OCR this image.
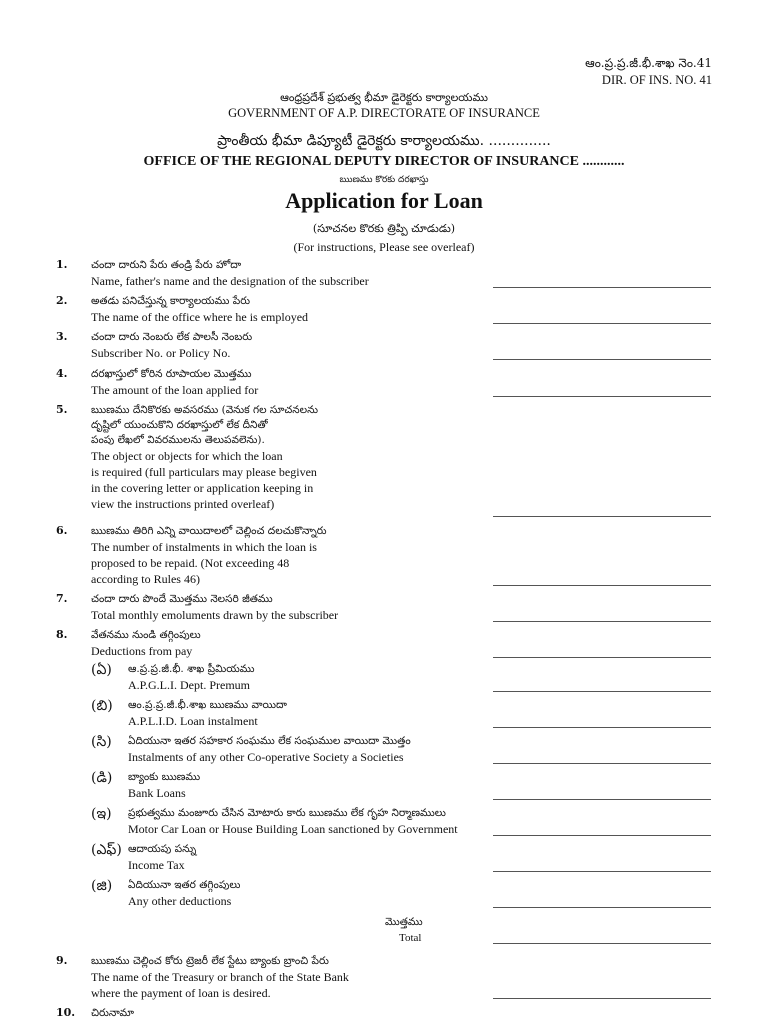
ఆం.ప్ర.ప్ర.జీ.భీ.శాఖ నెం.41
DIR. OF INS. NO. 41
ఆంధ్రప్రదేశ్ ప్రభుత్వ భీమా డైరెక్టరు కార్యాలయము
GOVERNMENT OF A.P. DIRECTORATE OF INSURANCE
ప్రాంతీయ భీమా డిప్యూటీ డైరెక్టరు కార్యాలయము. ..............
OFFICE OF THE REGIONAL DEPUTY DIRECTOR OF INSURANCE ............
ఋణము కొరకు దరఖాస్తు
Application for Loan
(సూచనల కొరకు త్రిప్పి చూడుడు)
(For instructions, Please see overleaf)
1. చందా దారుని పేరు తండ్రి పేరు హోదా
Name, father's name and the designation of the subscriber
2. అతడు పనిచేస్తున్న కార్యాలయము పేరు
The name of the office where he is employed
3. చందా దారు నెంబరు లేక పాలసీ నెంబరు
Subscriber No. or Policy No.
4. దరఖాస్తులో కోరిన రూపాయల మొత్తము
The amount of the loan applied for
5. ఋణము దేనికొరకు అవసరము (వెనుక గల సూచనలను
దృష్టిలో యుంచుకొని దరఖాస్తులో లేక దీనితో
పంపు లేఖలో వివరములను తెలుపవలెను).
The object or objects for which the loan
is required (full particulars may please begiven
in the covering letter or application keeping in
view the instructions printed overleaf)
6. ఋణము తిరిగి ఎన్ని వాయిదాలలో చెల్లించ దలచుకొన్నారు
The number of instalments in which the loan is
proposed to be repaid. (Not exceeding 48
according to Rules 46)
7. చందా దారు పొందే మొత్తము నెలసరి జీతము
Total monthly emoluments drawn by the subscriber
8. వేతనము నుండి తగ్గింపులు
Deductions from pay
(ఏ) ఆ.ప్ర.ప్ర.జీ.భీ. శాఖ ప్రీమియము
A.P.G.L.I. Dept. Premum
(బి) ఆం.ప్ర.ప్ర.జీ.భీ.శాఖ ఋణము వాయిదా
A.P.L.I.D. Loan instalment
(సి) ఏదియునా ఇతర సహకార సంఘము లేక సంఘముల వాయిదా మొత్తం
Instalments of any other Co-operative Society a Societies
(డి) బ్యాంకు ఋణము
Bank Loans
(ఇ) ప్రభుత్వము మంజూరు చేసిన మోటారు కారు ఋణము లేక గృహ నిర్మాణములు
Motor Car Loan or House Building Loan sanctioned by Government
(ఎఫ్) ఆదాయపు పన్ను
Income Tax
(జి) ఏదియునా ఇతర తగ్గింపులు
Any other deductions
మొత్తము
Total
9. ఋణము చెల్లించ కోరు ట్రెజరీ లేక స్టేటు బ్యాంకు బ్రాంచి పేరు
The name of the Treasury or branch of the State Bank
where the payment of loan is desired.
10. చిరునామా
